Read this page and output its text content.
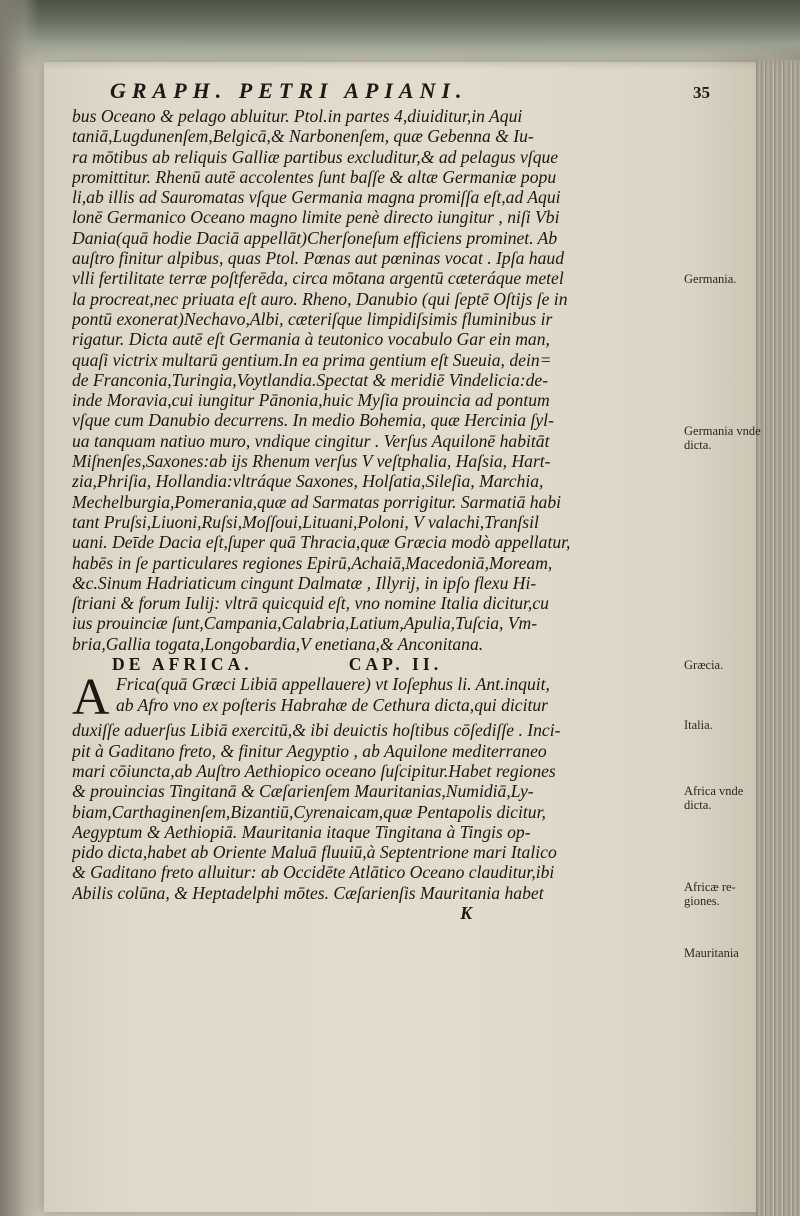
GRAPH. PETRI APIANI.	35
bus Oceano & pelago abluitur. Ptol.in partes 4,diuiditur,in Aqui
taniā,Lugdunenſem,Belgicā,& Narbonenſem, quæ Gebenna & Iu-
ra mōtibus ab reliquis Galliæ partibus excluditur,& ad pelagus vſque
promittitur. Rhenū autē accolentes ſunt baſſe & altæ Germaniæ popu
li,ab illis ad Sauromatas vſque Germania magna promiſſa eſt,ad Aqui
lonē Germanico Oceano magno limite penè directo iungitur , niſi Vbi
Dania(quā hodie Daciā appellāt)Cherſoneſum efficiens prominet. Ab
auſtro finitur alpibus, quas Ptol. Pœnas aut pœninas vocat . Ipſa haud
vlli fertilitate terræ poſtferēda, circa mōtana argentū cæteráque metel
la procreat,nec priuata eſt auro. Rheno, Danubio (qui ſeptē Oſtijs ſe in
pontū exonerat)Nechavo,Albi, cæteriſque limpidiſsimis fluminibus ir
rigatur. Dicta autē eſt Germania à teutonico vocabulo Gar ein man,
quaſi victrix multarū gentium.In ea prima gentium eſt Sueuia, dein=
de Franconia,Turingia,Voytlandia.Spectat & meridiē Vindelicia:de-
inde Moravia,cui iungitur Pānonia,huic Myſia prouincia ad pontum
vſque cum Danubio decurrens. In medio Bohemia, quæ Hercinia ſyl-
ua tanquam natiuo muro, vndique cingitur . Verſus Aquilonē habitāt
Miſnenſes,Saxones:ab ijs Rhenum verſus V veſtphalia, Haſsia, Hart-
zia,Phriſia, Hollandia:vltráque Saxones, Holſatia,Sileſia, Marchia,
Mechelburgia,Pomerania,quæ ad Sarmatas porrigitur. Sarmatiā habi
tant Pruſsi,Liuoni,Ruſsi,Moſſoui,Lituani,Poloni, V valachi,Tranſsil
uani. Deīde Dacia eſt,ſuper quā Thracia,quæ Græcia modò appellatur,
habēs in ſe particulares regiones Epirū,Achaiā,Macedoniā,Moream,
&c.Sinum Hadriaticum cingunt Dalmatæ , Illyrij, in ipſo flexu Hi-
ſtriani & forum Iulij: vltrā quicquid eſt, vno nomine Italia dicitur,cu
ius prouinciæ ſunt,Campania,Calabria,Latium,Apulia,Tuſcia, Vm-
bria,Gallia togata,Longobardia,V enetiana,& Anconitana.
DE AFRICA.	CAP. II.
A Frica(quā Græci Libiā appellauere) vt Ioſephus li. Ant.inquit,
ab Afro vno ex poſteris Habrahæ de Cethura dicta,qui dicitur
duxiſſe aduerſus Libiā exercitū,& ibi deuictis hoſtibus cōſediſſe . Inci-
pit à Gaditano freto, & finitur Aegyptio , ab Aquilone mediterraneo
mari cōiuncta,ab Auſtro Aethiopico oceano ſuſcipitur.Habet regiones
& prouincias Tingitanā & Cæſarienſem Mauritanias,Numidiā,Ly-
biam,Carthaginenſem,Bizantiū,Cyrenaicam,quæ Pentapolis dicitur,
Aegyptum & Aethiopiā. Mauritania itaque Tingitana à Tingis op-
pido dicta,habet ab Oriente Maluā fluuiū,à Septentrione mari Italico
& Gaditano freto alluitur: ab Occidēte Atlātico Oceano clauditur,ibi
Abilis colūna, & Heptadelphi mōtes. Cæſarienſis Mauritania habet
K
Germania.
Germania vnde dicta.
Græcia.
Italia.
Africa vnde dicta.
Africæ re-giones.
Mauritania
